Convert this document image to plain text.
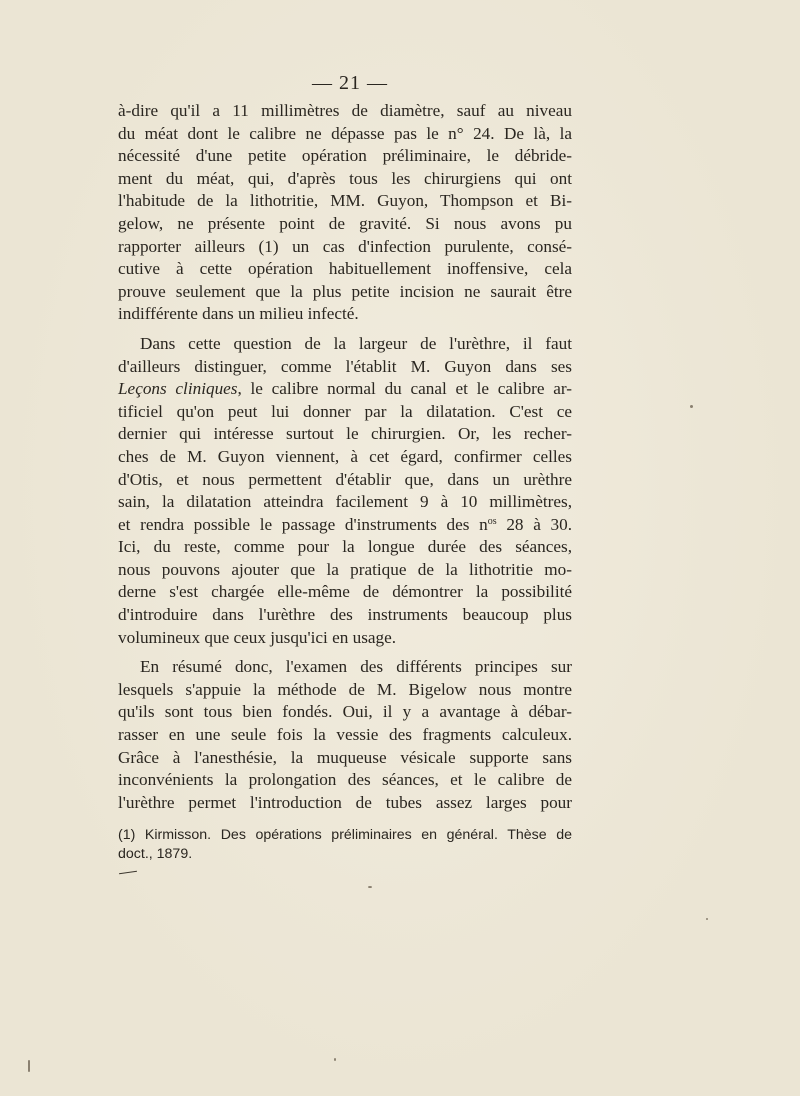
— 21 —
à-dire qu'il a 11 millimètres de diamètre, sauf au niveau
du méat dont le calibre ne dépasse pas le n° 24. De là, la
nécessité d'une petite opération préliminaire, le débride-
ment du méat, qui, d'après tous les chirurgiens qui ont
l'habitude de la lithotritie, MM. Guyon, Thompson et Bi-
gelow, ne présente point de gravité. Si nous avons pu
rapporter ailleurs (1) un cas d'infection purulente, consé-
cutive à cette opération habituellement inoffensive, cela
prouve seulement que la plus petite incision ne saurait être
indifférente dans un milieu infecté.
Dans cette question de la largeur de l'urèthre, il faut
d'ailleurs distinguer, comme l'établit M. Guyon dans ses
Leçons cliniques, le calibre normal du canal et le calibre ar-
tificiel qu'on peut lui donner par la dilatation. C'est ce
dernier qui intéresse surtout le chirurgien. Or, les recher-
ches de M. Guyon viennent, à cet égard, confirmer celles
d'Otis, et nous permettent d'établir que, dans un urèthre
sain, la dilatation atteindra facilement 9 à 10 millimètres,
et rendra possible le passage d'instruments des $n^{os}$ 28 à 30.
Ici, du reste, comme pour la longue durée des séances,
nous pouvons ajouter que la pratique de la lithotritie mo-
derne s'est chargée elle-même de démontrer la possibilité
d'introduire dans l'urèthre des instruments beaucoup plus
volumineux que ceux jusqu'ici en usage.
En résumé donc, l'examen des différents principes sur
lesquels s'appuie la méthode de M. Bigelow nous montre
qu'ils sont tous bien fondés. Oui, il y a avantage à débar-
rasser en une seule fois la vessie des fragments calculeux.
Grâce à l'anesthésie, la muqueuse vésicale supporte sans
inconvénients la prolongation des séances, et le calibre de
l'urèthre permet l'introduction de tubes assez larges pour
(1) Kirmisson. Des opérations préliminaires en général. Thèse de
doct., 1879.
